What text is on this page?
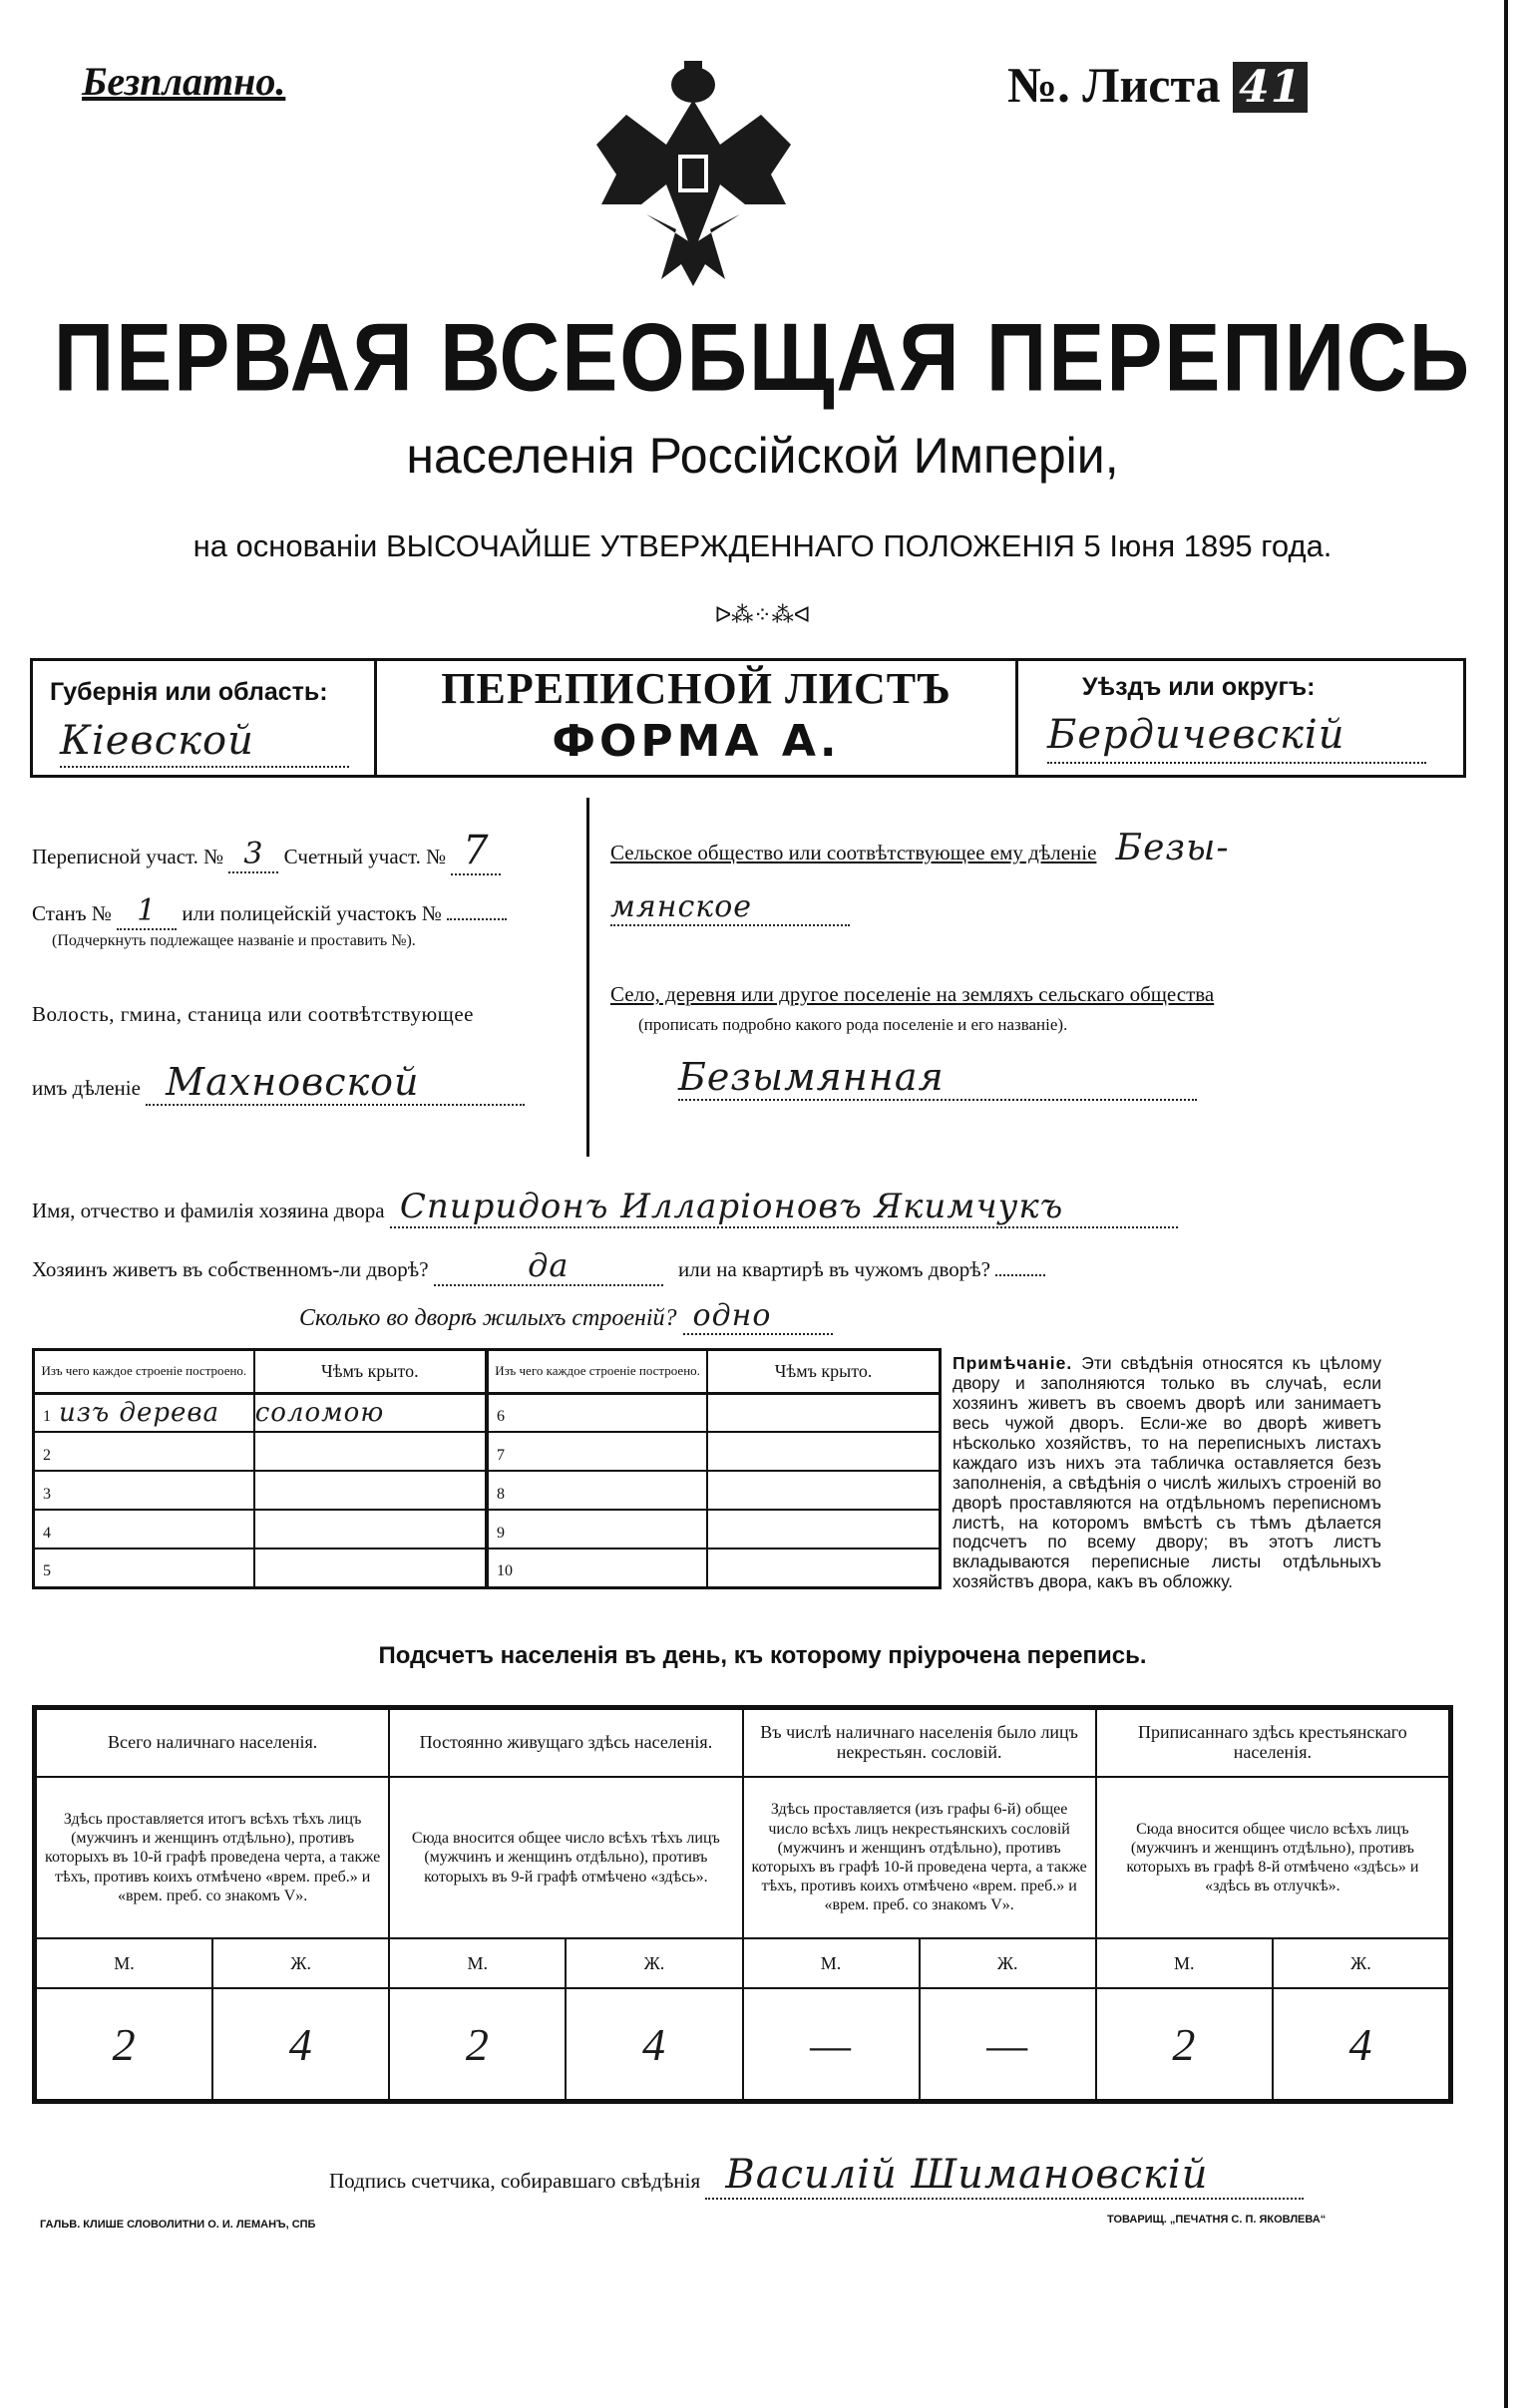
Безплатно.	№. Листа 41
ПЕРВАЯ ВСЕОБЩАЯ ПЕРЕПИСЬ
населенія Россійской Имперіи,
на основаніи ВЫСОЧАЙШЕ УТВЕРЖДЕННАГО ПОЛОЖЕНІЯ 5 Іюня 1895 года.
ᐅ⁂⁘⁂ᐊ
Губернія или область:
Кіевской
ПЕРЕПИСНОЙ ЛИСТЪ
ФОРМА А.
Уѣздъ или округъ:
Бердичевскій
Переписной участ. № 3 Счетный участ. № 7
Станъ № 1 или полицейскій участокъ №
(Подчеркнуть подлежащее названіе и проставить №).
Волость, гмина, станица или соотвѣтствующее
имъ дѣленіе Махновской
Сельское общество или соотвѣтствующее ему дѣленіе Безы-
мянское
Село, деревня или другое поселеніе на земляхъ сельскаго общества
(прописать подробно какого рода поселеніе и его названіе).
Безымянная
Имя, отчество и фамилія хозяина двора Спиридонъ Илларіоновъ Якимчукъ
Хозяинъ живетъ въ собственномъ-ли дворѣ?	да	или на квартирѣ въ чужомъ дворѣ?
Сколько во дворѣ жилыхъ строеній? одно
Изъ чего каждое строеніе построено.	Чѣмъ крыто.	Изъ чего каждое строеніе построено.	Чѣмъ крыто.
1 изъ дерева	соломою	6	
2		7	
3		8	
4		9	
5		10	
Примѣчаніе. Эти свѣдѣнія относятся къ цѣлому двору и заполняются только въ случаѣ, если хозяинъ живетъ въ своемъ дворѣ или занимаетъ весь чужой дворъ. Если-же во дворѣ живетъ нѣсколько хозяйствъ, то на переписныхъ листахъ каждаго изъ нихъ эта табличка оставляется безъ заполненія, а свѣдѣнія о числѣ жилыхъ строеній во дворѣ проставляются на отдѣльномъ переписномъ листѣ, на которомъ вмѣстѣ съ тѣмъ дѣлается подсчетъ по всему двору; въ этотъ листъ вкладываются переписные листы отдѣльныхъ хозяйствъ двора, какъ въ обложку.
Подсчетъ населенія въ день, къ которому пріурочена перепись.
Всего наличнаго населенія.		Постоянно живущаго здѣсь населенія.		Въ числѣ наличнаго населенія было лицъ некрестьян. сословій.		Приписаннаго здѣсь крестьянскаго населенія.	
Здѣсь проставляется итогъ всѣхъ тѣхъ лицъ (мужчинъ и женщинъ отдѣльно), противъ которыхъ въ 10-й графѣ проведена черта, а также тѣхъ, противъ коихъ отмѣчено «врем. преб.» и «врем. преб. со знакомъ V».		Сюда вносится общее число всѣхъ тѣхъ лицъ (мужчинъ и женщинъ отдѣльно), противъ которыхъ въ 9-й графѣ отмѣчено «здѣсь».		Здѣсь проставляется (изъ графы 6-й) общее число всѣхъ лицъ некрестьянскихъ сословій (мужчинъ и женщинъ отдѣльно), противъ которыхъ въ графѣ 10-й проведена черта, а также тѣхъ, противъ коихъ отмѣчено «врем. преб.» и «врем. преб. со знакомъ V».		Сюда вносится общее число всѣхъ лицъ (мужчинъ и женщинъ отдѣльно), противъ которыхъ въ графѣ 8-й отмѣчено «здѣсь» и «здѣсь въ отлучкѣ».	
М.	Ж.	М.	Ж.	М.	Ж.	М.	Ж.
2	4	2	4	—	—	2	4
Подпись счетчика, собиравшаго свѣдѣнія Василій Шимановскій
ГАЛЬВ. КЛИШЕ СЛОВОЛИТНИ О. И. ЛЕМАНЪ, СПБ	ТОВАРИЩ. „ПЕЧАТНЯ С. П. ЯКОВЛЕВА“
